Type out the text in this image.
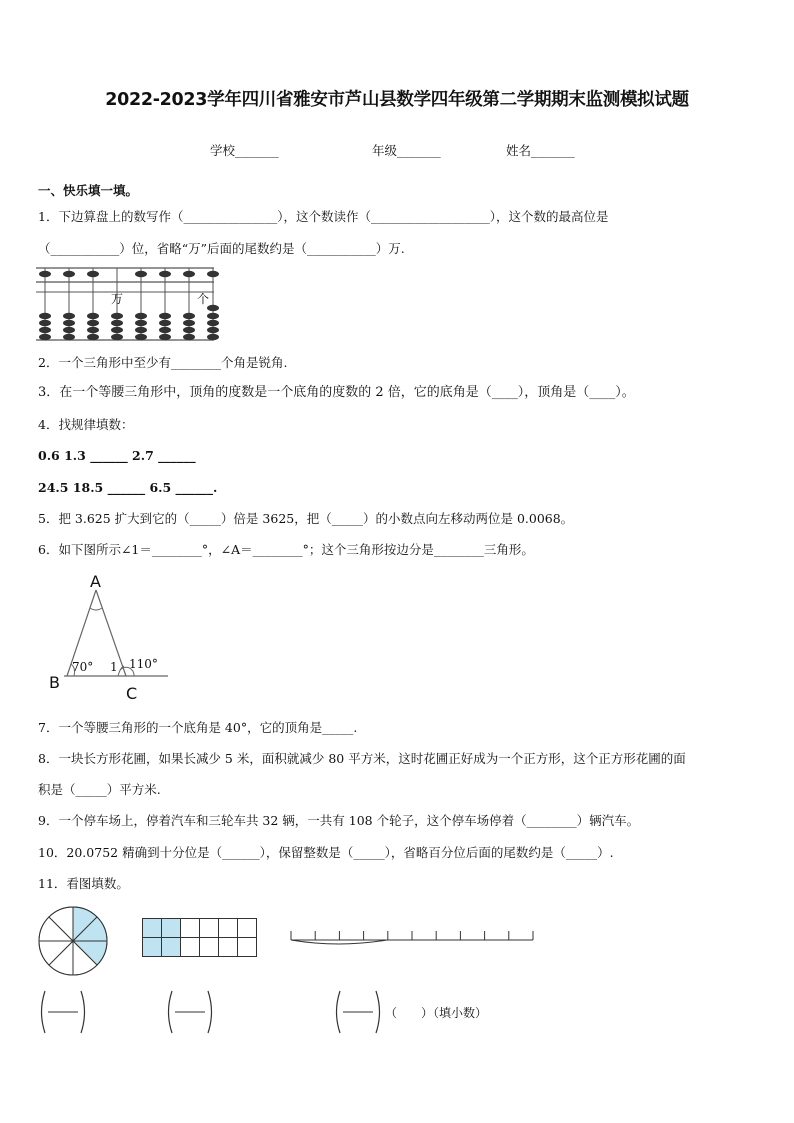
2022-2023学年四川省雅安市芦山县数学四年级第二学期期末监测模拟试题
学校_______	年级_______	姓名_______
一、快乐填一填。
1．下边算盘上的数写作（_______________），这个数读作（___________________），这个数的最高位是
（___________）位，省略“万”后面的尾数约是（___________）万.
万	个
2．一个三角形中至少有________个角是锐角.
3．在一个等腰三角形中，顶角的度数是一个底角的度数的 2 倍，它的底角是（____），顶角是（____）。
4．找规律填数：
0.6 1.3 ______ 2.7 ______
24.5 18.5 ______ 6.5 ______.
5．把 3.625 扩大到它的（_____）倍是 3625，把（_____）的小数点向左移动两位是 0.0068。
6．如下图所示∠1＝________°，∠A＝________°；这个三角形按边分是________三角形。
A
B
C
70° 1 110°
7．一个等腰三角形的一个底角是 40°，它的顶角是_____.
8．一块长方形花圃，如果长减少 5 米，面积就减少 80 平方米，这时花圃正好成为一个正方形，这个正方形花圃的面
积是（_____）平方米.
9．一个停车场上，停着汽车和三轮车共 32 辆，一共有 108 个轮子，这个停车场停着（________）辆汽车。
10．20.0752 精确到十分位是（______），保留整数是（_____），省略百分位后面的尾数约是（_____）.
11．看图填数。
（　　）（填小数）
